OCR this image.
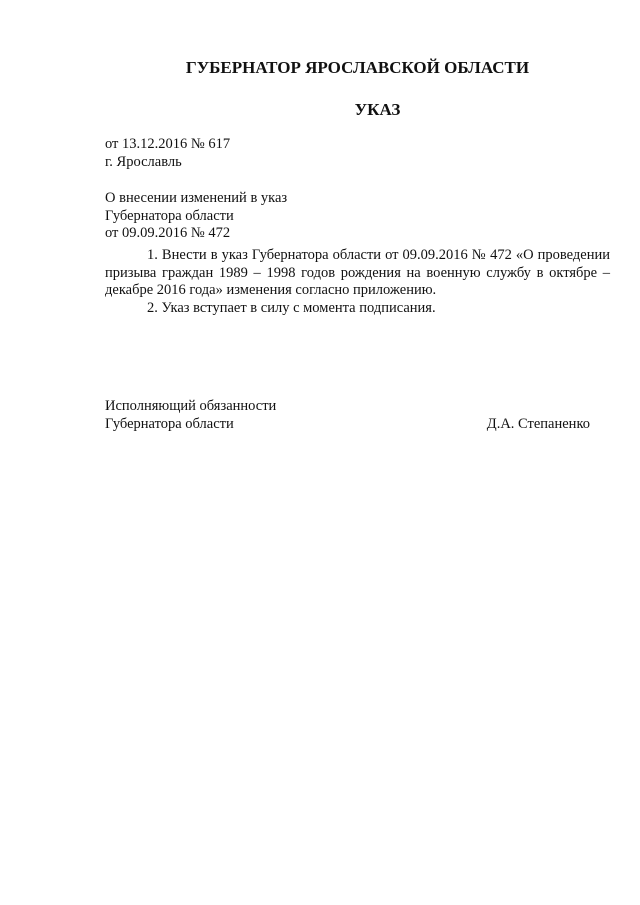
ГУБЕРНАТОР ЯРОСЛАВСКОЙ ОБЛАСТИ
УКАЗ
от 13.12.2016 № 617
г. Ярославль
О внесении изменений в указ
Губернатора области
от 09.09.2016 № 472

1. Внести в указ Губернатора области от 09.09.2016 № 472 «О проведении призыва граждан 1989 – 1998 годов рождения на военную службу в октябре – декабре 2016 года» изменения согласно приложению.

2. Указ вступает в силу с момента подписания.

Исполняющий обязанности
Губернатора области	Д.А. Степаненко
